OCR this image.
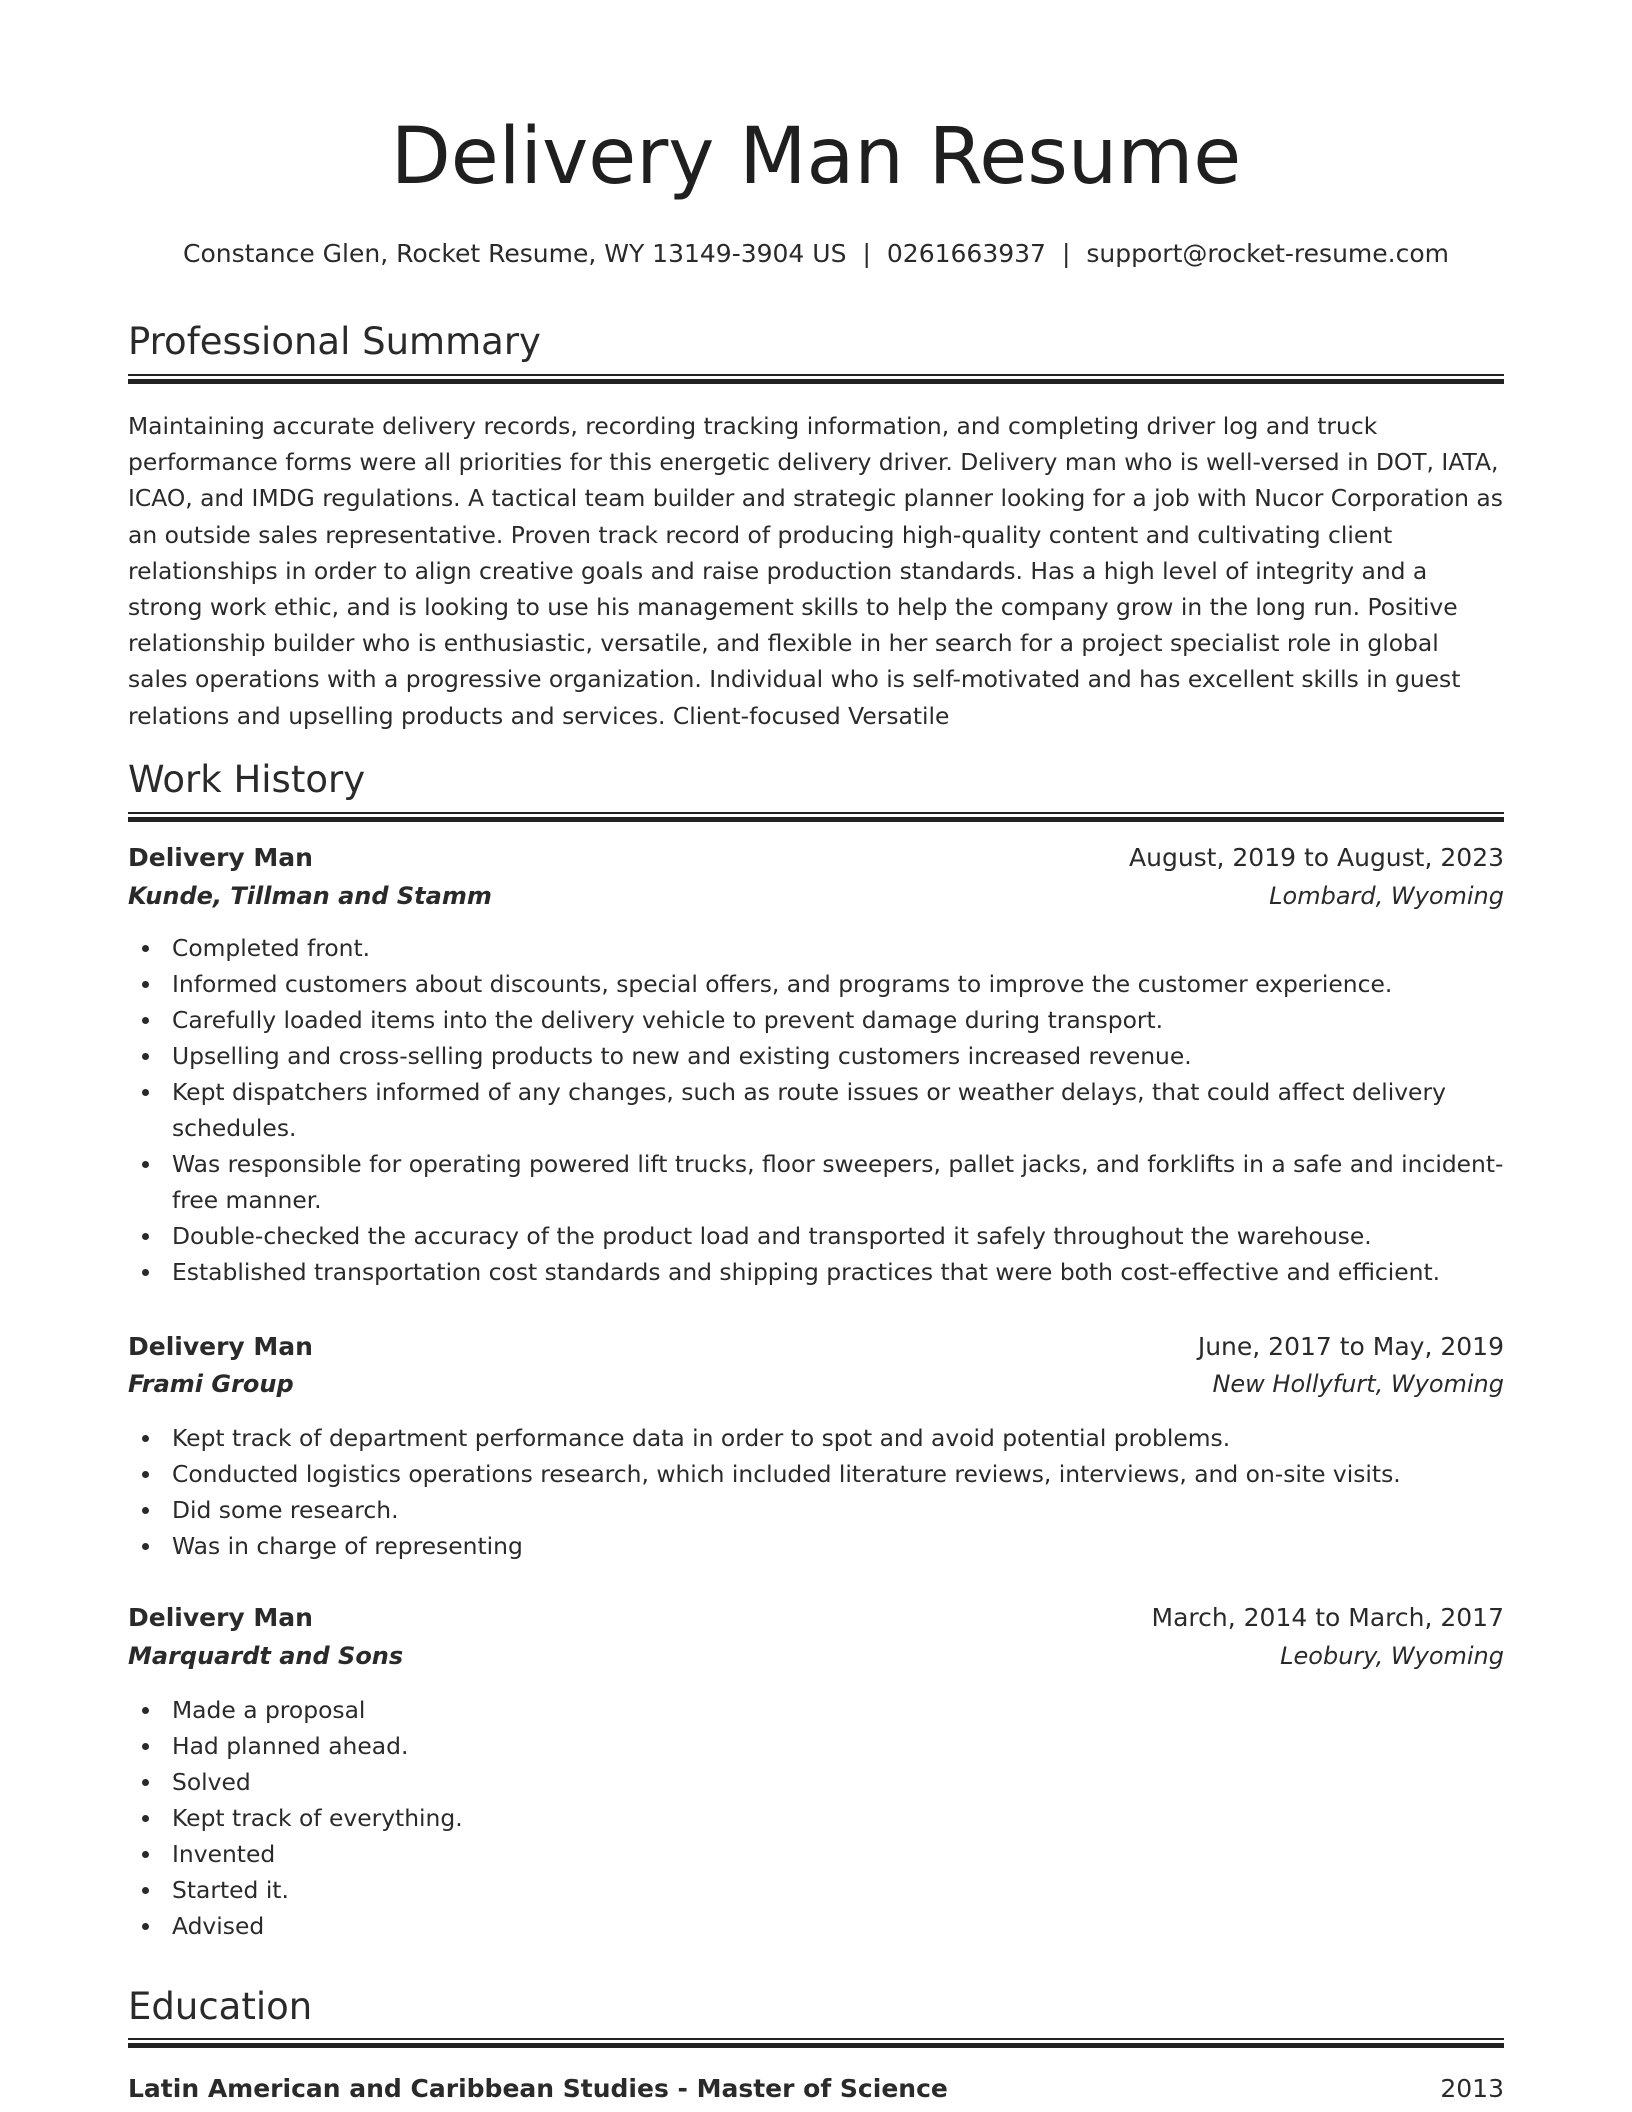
Delivery Man Resume
Constance Glen, Rocket Resume, WY 13149-3904 US | 0261663937 | support@rocket-resume.com
Professional Summary
Maintaining accurate delivery records, recording tracking information, and completing driver log and truck performance forms were all priorities for this energetic delivery driver. Delivery man who is well-versed in DOT, IATA, ICAO, and IMDG regulations. A tactical team builder and strategic planner looking for a job with Nucor Corporation as an outside sales representative. Proven track record of producing high-quality content and cultivating client relationships in order to align creative goals and raise production standards. Has a high level of integrity and a strong work ethic, and is looking to use his management skills to help the company grow in the long run. Positive relationship builder who is enthusiastic, versatile, and flexible in her search for a project specialist role in global sales operations with a progressive organization. Individual who is self-motivated and has excellent skills in guest relations and upselling products and services. Client-focused Versatile
Work History
Delivery Man	August, 2019 to August, 2023
Kunde, Tillman and Stamm	Lombard, Wyoming
Completed front.
Informed customers about discounts, special offers, and programs to improve the customer experience.
Carefully loaded items into the delivery vehicle to prevent damage during transport.
Upselling and cross-selling products to new and existing customers increased revenue.
Kept dispatchers informed of any changes, such as route issues or weather delays, that could affect delivery schedules.
Was responsible for operating powered lift trucks, floor sweepers, pallet jacks, and forklifts in a safe and incident-free manner.
Double-checked the accuracy of the product load and transported it safely throughout the warehouse.
Established transportation cost standards and shipping practices that were both cost-effective and efficient.
Delivery Man	June, 2017 to May, 2019
Frami Group	New Hollyfurt, Wyoming
Kept track of department performance data in order to spot and avoid potential problems.
Conducted logistics operations research, which included literature reviews, interviews, and on-site visits.
Did some research.
Was in charge of representing
Delivery Man	March, 2014 to March, 2017
Marquardt and Sons	Leobury, Wyoming
Made a proposal
Had planned ahead.
Solved
Kept track of everything.
Invented
Started it.
Advised
Education
Latin American and Caribbean Studies - Master of Science	2013
